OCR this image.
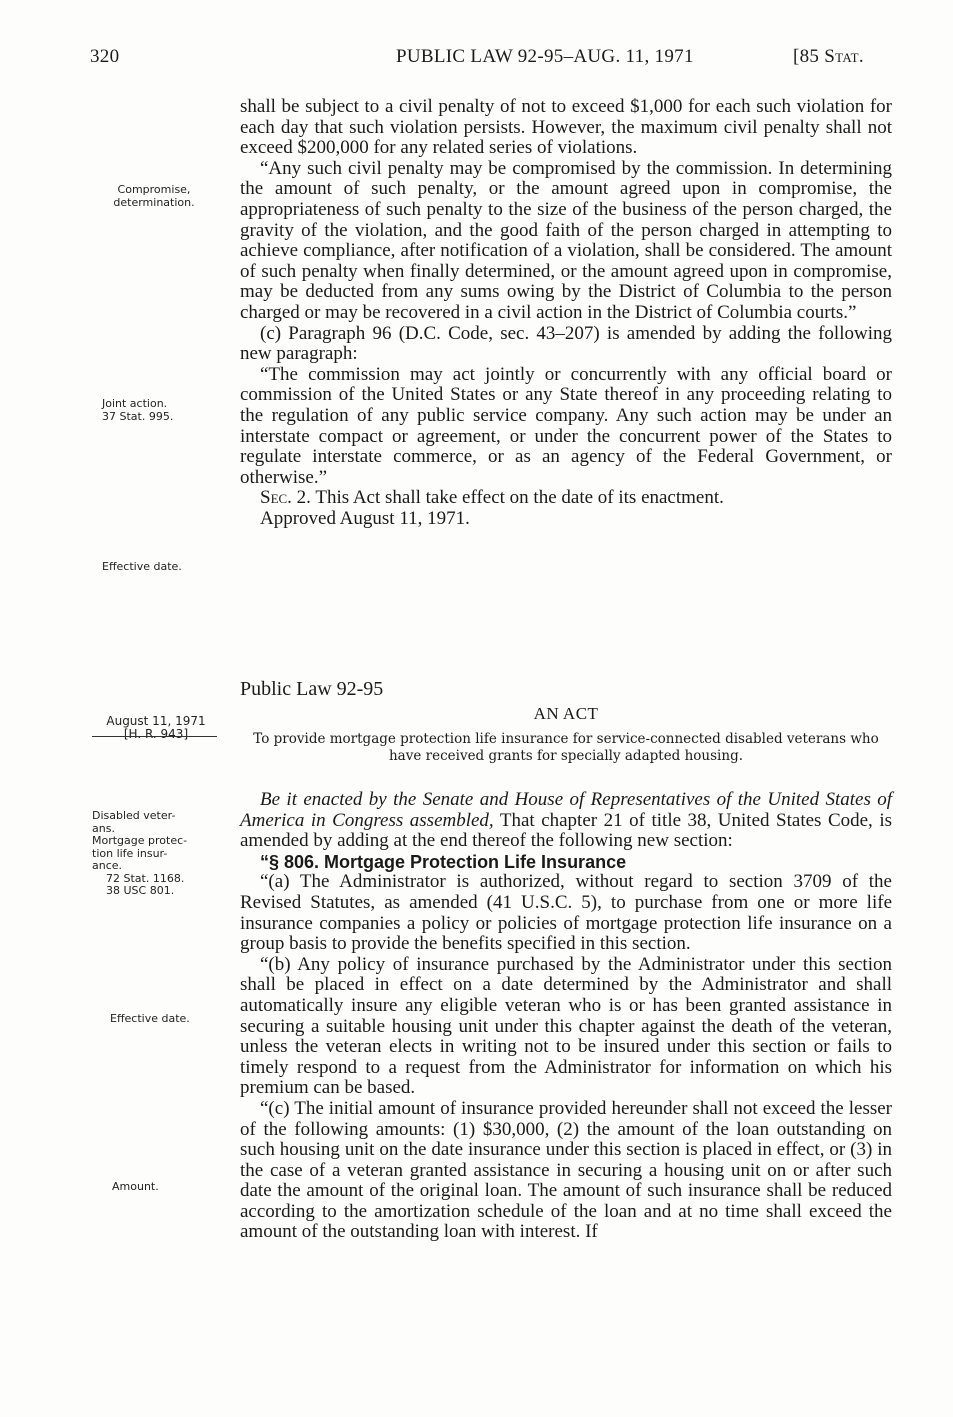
320	PUBLIC LAW 92-95–AUG. 11, 1971	[85 Stat.

shall be subject to a civil penalty of not to exceed $1,000 for each such violation for each day that such violation persists. However, the maximum civil penalty shall not exceed $200,000 for any related series of violations.

“Any such civil penalty may be compromised by the commission. In determining the amount of such penalty, or the amount agreed upon in compromise, the appropriateness of such penalty to the size of the business of the person charged, the gravity of the violation, and the good faith of the person charged in attempting to achieve compliance, after notification of a violation, shall be considered. The amount of such penalty when finally determined, or the amount agreed upon in compromise, may be deducted from any sums owing by the District of Columbia to the person charged or may be recovered in a civil action in the District of Columbia courts.”

(c) Paragraph 96 (D.C. Code, sec. 43–207) is amended by adding the following new paragraph:

“The commission may act jointly or concurrently with any official board or commission of the United States or any State thereof in any proceeding relating to the regulation of any public service company. Any such action may be under an interstate compact or agreement, or under the concurrent power of the States to regulate interstate commerce, or as an agency of the Federal Government, or otherwise.”

Sec. 2. This Act shall take effect on the date of its enactment.

Approved August 11, 1971.

Compromise,
determination.
Joint action.
37 Stat. 995.
Effective date.
Public Law 92-95
AN ACT
To provide mortgage protection life insurance for service-connected disabled veterans who have received grants for specially adapted housing.
August 11, 1971
[H. R. 943]

Be it enacted by the Senate and House of Representatives of the United States of America in Congress assembled, That chapter 21 of title 38, United States Code, is amended by adding at the end thereof the following new section:

“§ 806. Mortgage Protection Life Insurance

“(a) The Administrator is authorized, without regard to section 3709 of the Revised Statutes, as amended (41 U.S.C. 5), to purchase from one or more life insurance companies a policy or policies of mortgage protection life insurance on a group basis to provide the benefits specified in this section.

“(b) Any policy of insurance purchased by the Administrator under this section shall be placed in effect on a date determined by the Administrator and shall automatically insure any eligible veteran who is or has been granted assistance in securing a suitable housing unit under this chapter against the death of the veteran, unless the veteran elects in writing not to be insured under this section or fails to timely respond to a request from the Administrator for information on which his premium can be based.

“(c) The initial amount of insurance provided hereunder shall not exceed the lesser of the following amounts: (1) $30,000, (2) the amount of the loan outstanding on such housing unit on the date insurance under this section is placed in effect, or (3) in the case of a veteran granted assistance in securing a housing unit on or after such date the amount of the original loan. The amount of such insurance shall be reduced according to the amortization schedule of the loan and at no time shall exceed the amount of the outstanding loan with interest. If

Disabled veter-
ans.
Mortgage protec-
tion life insur-
ance.
72 Stat. 1168.
38 USC 801.
Effective date.
Amount.
